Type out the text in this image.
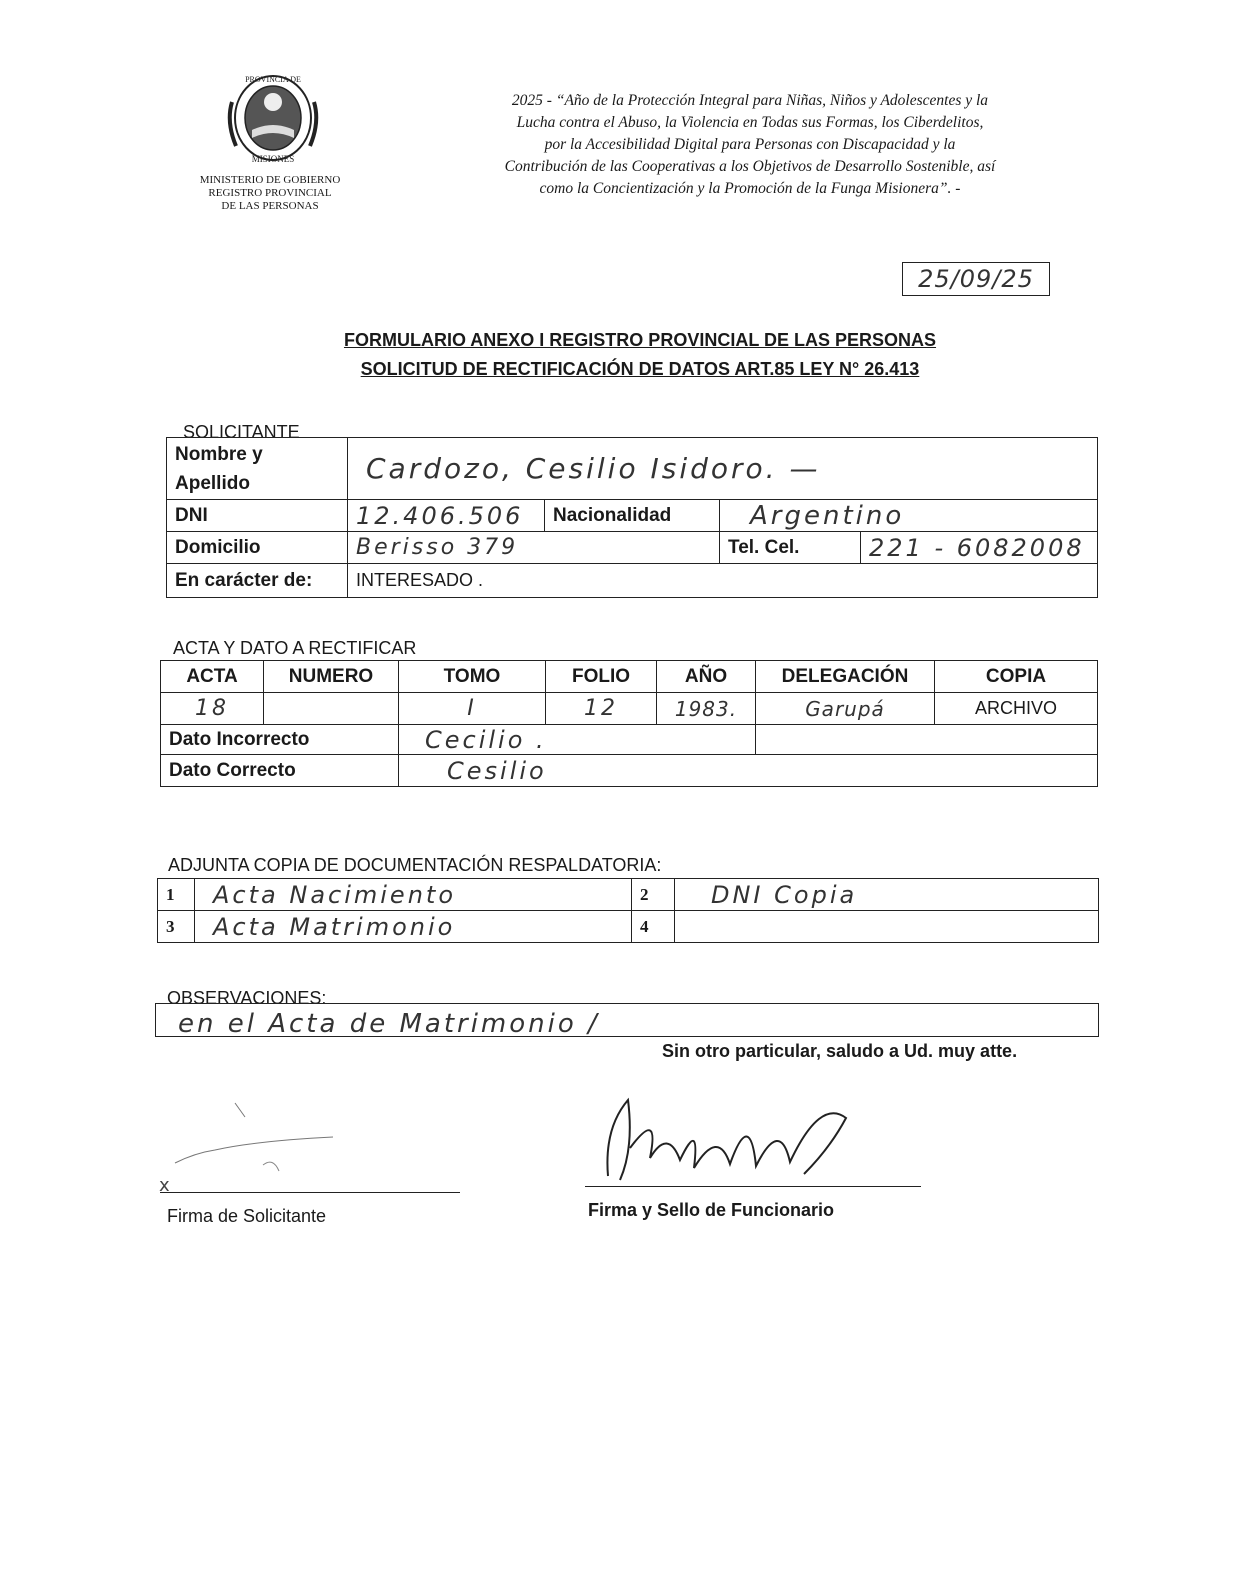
PROVINCIA DE
MISIONES
MINISTERIO DE GOBIERNO
REGISTRO PROVINCIAL
DE LAS PERSONAS
2025 - “Año de la Protección Integral para Niñas, Niños y Adolescentes y la
Lucha contra el Abuso, la Violencia en Todas sus Formas, los Ciberdelitos,
por la Accesibilidad Digital para Personas con Discapacidad y la
Contribución de las Cooperativas a los Objetivos de Desarrollo Sostenible, así
como la Concientización y la Promoción de la Funga Misionera”. -
25/09/25
FORMULARIO ANEXO I REGISTRO PROVINCIAL DE LAS PERSONAS
SOLICITUD DE RECTIFICACIÓN DE DATOS ART.85 LEY N° 26.413
SOLICITANTE
Nombre y
Apellido	Cardozo, Cesilio Isidoro. —			
DNI	12.406.506	Nacionalidad	Argentino	
Domicilio	Berisso 379		Tel. Cel.	221 - 6082008
En carácter de:	INTERESADO .			
ACTA Y DATO A RECTIFICAR
ACTA	NUMERO	TOMO	FOLIO	AÑO	DELEGACIÓN	COPIA
18		I	12	1983.	Garupá	ARCHIVO
Dato Incorrecto		Cecilio .				
Dato Correcto		Cesilio				
ADJUNTA COPIA DE DOCUMENTACIÓN RESPALDATORIA:
1	Acta Nacimiento	2	DNI Copia
3	Acta Matrimonio	4	
OBSERVACIONES:
en el Acta de Matrimonio /
Sin otro particular, saludo a Ud. muy atte.
x
Firma de Solicitante	Firma y Sello de Funcionario
